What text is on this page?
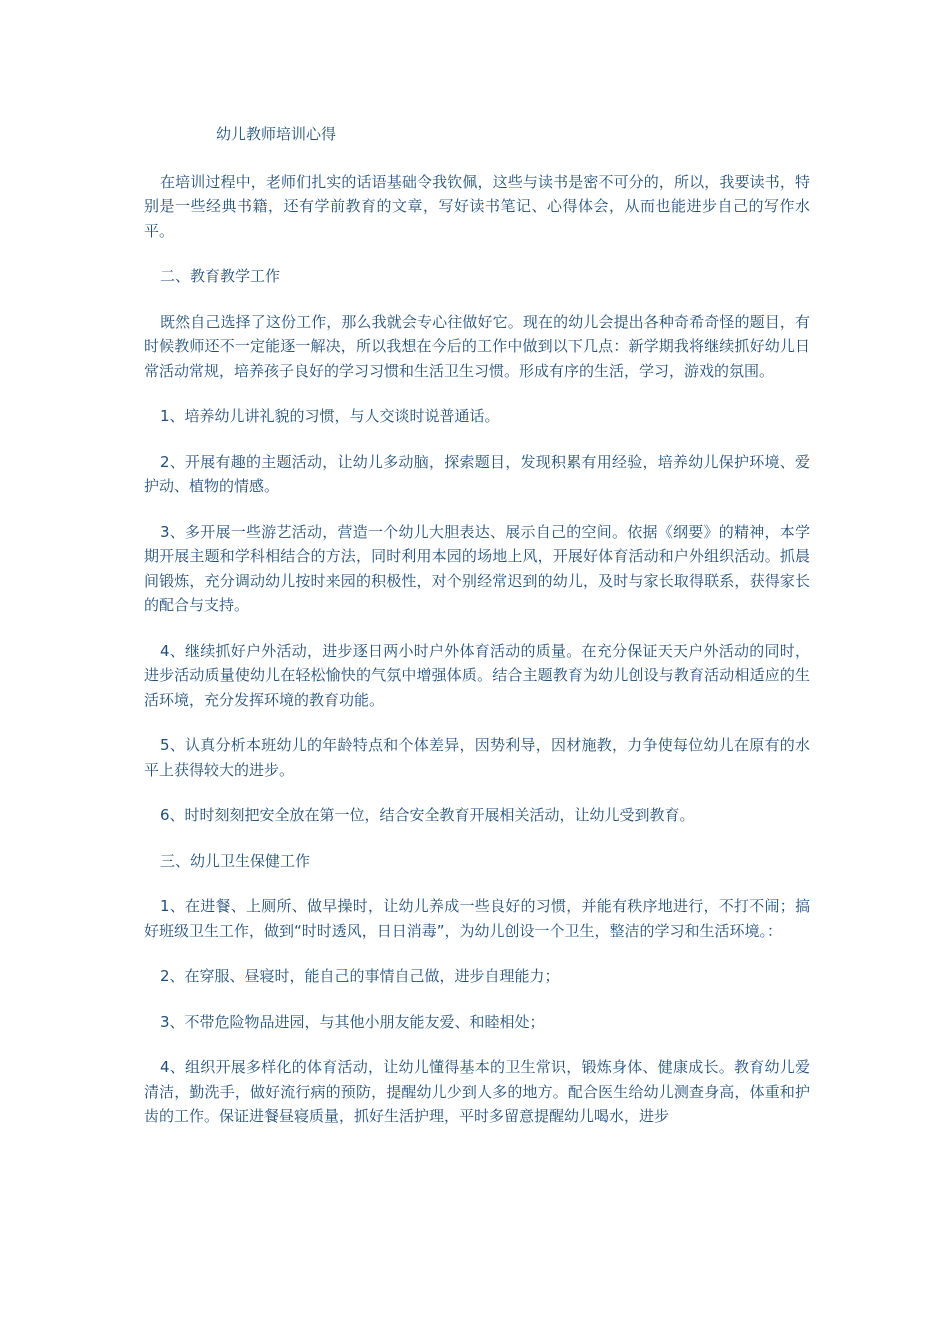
幼儿教师培训心得

在培训过程中，老师们扎实的话语基础令我钦佩，这些与读书是密不可分的，所以，我要读书，特别是一些经典书籍，还有学前教育的文章，写好读书笔记、心得体会，从而也能进步自己的写作水平。

二、教育教学工作

既然自己选择了这份工作，那么我就会专心往做好它。现在的幼儿会提出各种奇希奇怪的题目，有时候教师还不一定能逐一解决，所以我想在今后的工作中做到以下几点：新学期我将继续抓好幼儿日常活动常规，培养孩子良好的学习习惯和生活卫生习惯。形成有序的生活，学习，游戏的氛围。

1、培养幼儿讲礼貌的习惯，与人交谈时说普通话。

2、开展有趣的主题活动，让幼儿多动脑，探索题目，发现积累有用经验，培养幼儿保护环境、爱护动、植物的情感。

3、多开展一些游艺活动，营造一个幼儿大胆表达、展示自己的空间。依据《纲要》的精神，本学期开展主题和学科相结合的方法，同时利用本园的场地上风，开展好体育活动和户外组织活动。抓晨间锻炼，充分调动幼儿按时来园的积极性，对个别经常迟到的幼儿，及时与家长取得联系，获得家长的配合与支持。

4、继续抓好户外活动，进步逐日两小时户外体育活动的质量。在充分保证天天户外活动的同时，进步活动质量使幼儿在轻松愉快的气氛中增强体质。结合主题教育为幼儿创设与教育活动相适应的生活环境，充分发挥环境的教育功能。

5、认真分析本班幼儿的年龄特点和个体差异，因势利导，因材施教，力争使每位幼儿在原有的水平上获得较大的进步。

6、时时刻刻把安全放在第一位，结合安全教育开展相关活动，让幼儿受到教育。

三、幼儿卫生保健工作

1、在进餐、上厕所、做早操时，让幼儿养成一些良好的习惯，并能有秩序地进行，不打不闹；搞好班级卫生工作，做到“时时透风，日日消毒”，为幼儿创设一个卫生，整洁的学习和生活环境。：

2、在穿服、昼寝时，能自己的事情自己做，进步自理能力；

3、不带危险物品进园，与其他小朋友能友爱、和睦相处；

4、组织开展多样化的体育活动，让幼儿懂得基本的卫生常识，锻炼身体、健康成长。教育幼儿爱清洁，勤洗手，做好流行病的预防，提醒幼儿少到人多的地方。配合医生给幼儿测查身高，体重和护齿的工作。保证进餐昼寝质量，抓好生活护理，平时多留意提醒幼儿喝水，进步
